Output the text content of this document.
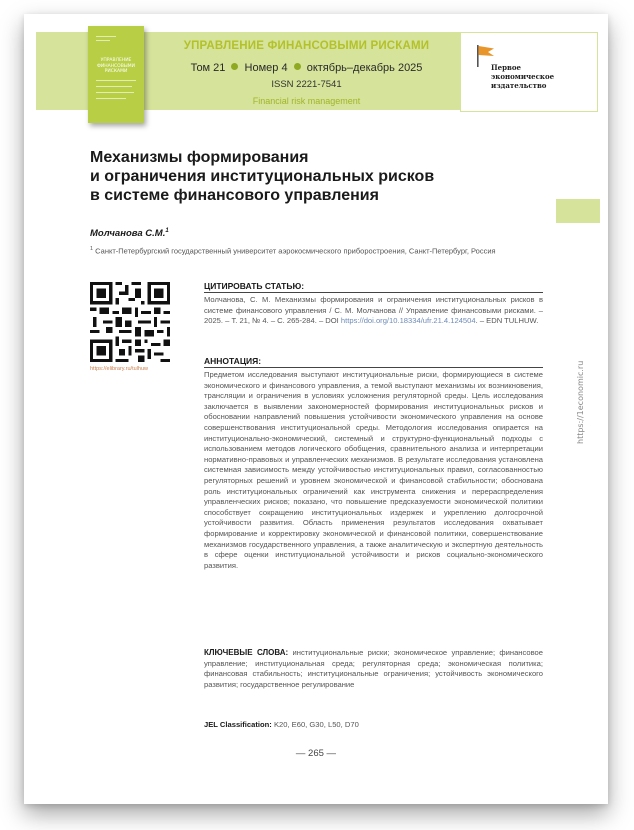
УПРАВЛЕНИЕ
ФИНАНСОВЫМИ
РИСКАМИ
УПРАВЛЕНИЕ ФИНАНСОВЫМИ РИСКАМИ
Том 21 Номер 4 октябрь–декабрь 2025
ISSN 2221-7541
Financial risk management
Первое
экономическое
издательство
Механизмы формирования
и ограничения институциональных рисков
в системе финансового управления
https://1economic.ru
Молчанова С.М.$^1$
$^1$ Санкт-Петербургский государственный университет аэрокосмического приборостроения, Санкт-Петербург, Россия
https://elibrary.ru/tulhuw
ЦИТИРОВАТЬ СТАТЬЮ:
Молчанова, С. М. Механизмы формирования и ограничения институциональных рисков в системе финансового управления / С. М. Молчанова // Управление финансовыми рисками. – 2025. – Т. 21, № 4. – С. 265-284. – DOI https://doi.org/10.18334/ufr.21.4.124504. – EDN TULHUW.
АННОТАЦИЯ:
Предметом исследования выступают институциональные риски, формирующиеся в системе экономического и финансового управления, а темой выступают механизмы их возникновения, трансляции и ограничения в условиях усложнения регуляторной среды. Цель исследования заключается в выявлении закономерностей формирования институциональных рисков и обосновании направлений повышения устойчивости экономического управления на основе совершенствования институциональной среды. Методология исследования опирается на институционально-экономический, системный и структурно-функциональный подходы с использованием методов логического обобщения, сравнительного анализа и интерпретации нормативно-правовых и управленческих механизмов. В результате исследования установлена системная зависимость между устойчивостью институциональных правил, согласованностью регуляторных решений и уровнем экономической и финансовой стабильности; обоснована роль институциональных ограничений как инструмента снижения и перераспределения управленческих рисков; показано, что повышение предсказуемости экономической политики способствует сокращению институциональных издержек и укреплению долгосрочной устойчивости развития. Область применения результатов исследования охватывает формирование и корректировку экономической и финансовой политики, совершенствование механизмов государственного управления, а также аналитическую и экспертную деятельность в сфере оценки институциональной устойчивости и рисков социально-экономического развития.
КЛЮЧЕВЫЕ СЛОВА: институциональные риски; экономическое управление; финансовое управление; институциональная среда; регуляторная среда; экономическая политика; финансовая стабильность; институциональные ограничения; устойчивость экономического развития; государственное регулирование
JEL Classification: K20, E60, G30, L50, D70
— 265 —
